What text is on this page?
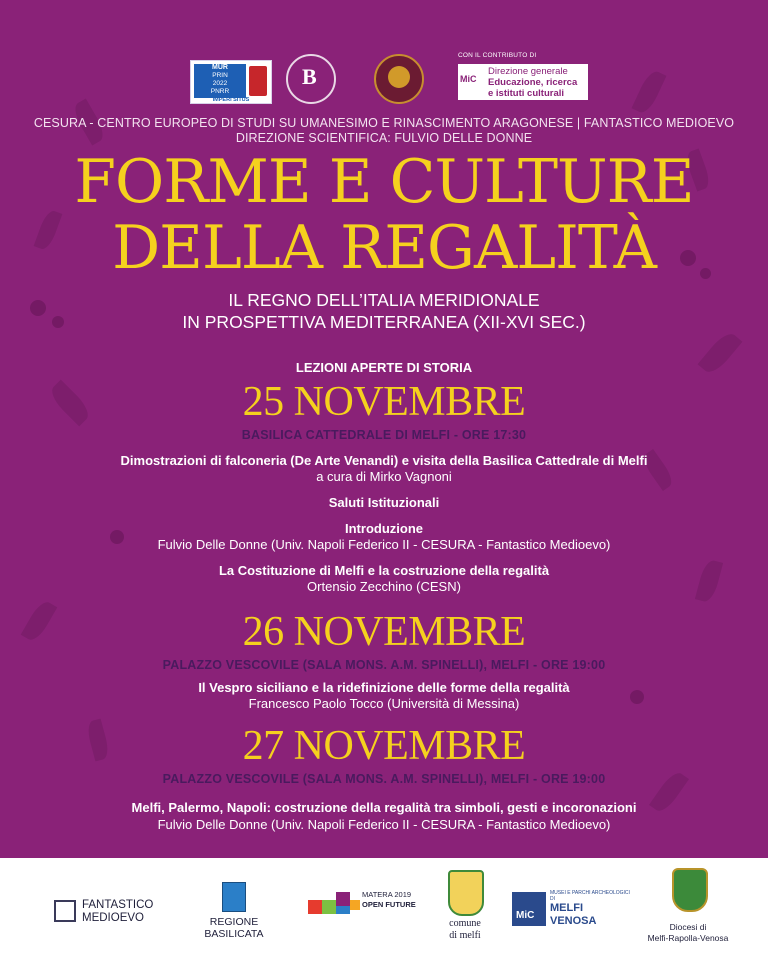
MUR
PRIN
2022
PNRR
IMPERI SITUS
B
CON IL CONTRIBUTO DI
MiC
Direzione generale
Educazione, ricerca
e istituti culturali
CESURA - CENTRO EUROPEO DI STUDI SU UMANESIMO E RINASCIMENTO ARAGONESE | FANTASTICO MEDIOEVO
DIREZIONE SCIENTIFICA: FULVIO DELLE DONNE
FORME E CULTURE
DELLA REGALITÀ
IL REGNO DELL’ITALIA MERIDIONALE
IN PROSPETTIVA MEDITERRANEA (XII-XVI SEC.)
LEZIONI APERTE DI STORIA
25 NOVEMBRE
BASILICA CATTEDRALE DI MELFI - ORE 17:30
Dimostrazioni di falconeria (De Arte Venandi) e visita della Basilica Cattedrale di Melfi
a cura di Mirko Vagnoni
Saluti Istituzionali
Introduzione
Fulvio Delle Donne (Univ. Napoli Federico II - CESURA - Fantastico Medioevo)
La Costituzione di Melfi e la costruzione della regalità
Ortensio Zecchino (CESN)
26 NOVEMBRE
PALAZZO VESCOVILE (SALA MONS. A.M. SPINELLI), MELFI - ORE 19:00
Il Vespro siciliano e la ridefinizione delle forme della regalità
Francesco Paolo Tocco (Università di Messina)
27 NOVEMBRE
PALAZZO VESCOVILE (SALA MONS. A.M. SPINELLI), MELFI - ORE 19:00
Melfi, Palermo, Napoli: costruzione della regalità tra simboli, gesti e incoronazioni
Fulvio Delle Donne (Univ. Napoli Federico II - CESURA - Fantastico Medioevo)
FANTASTICO
MEDIOEVO	REGIONE BASILICATA
MATERA 2019
OPEN FUTURE
comune
di melfi
MiC
MUSEI E PARCHI ARCHEOLOGICI DI
MELFI
VENOSA	Diocesi di
Melfi-Rapolla-Venosa
